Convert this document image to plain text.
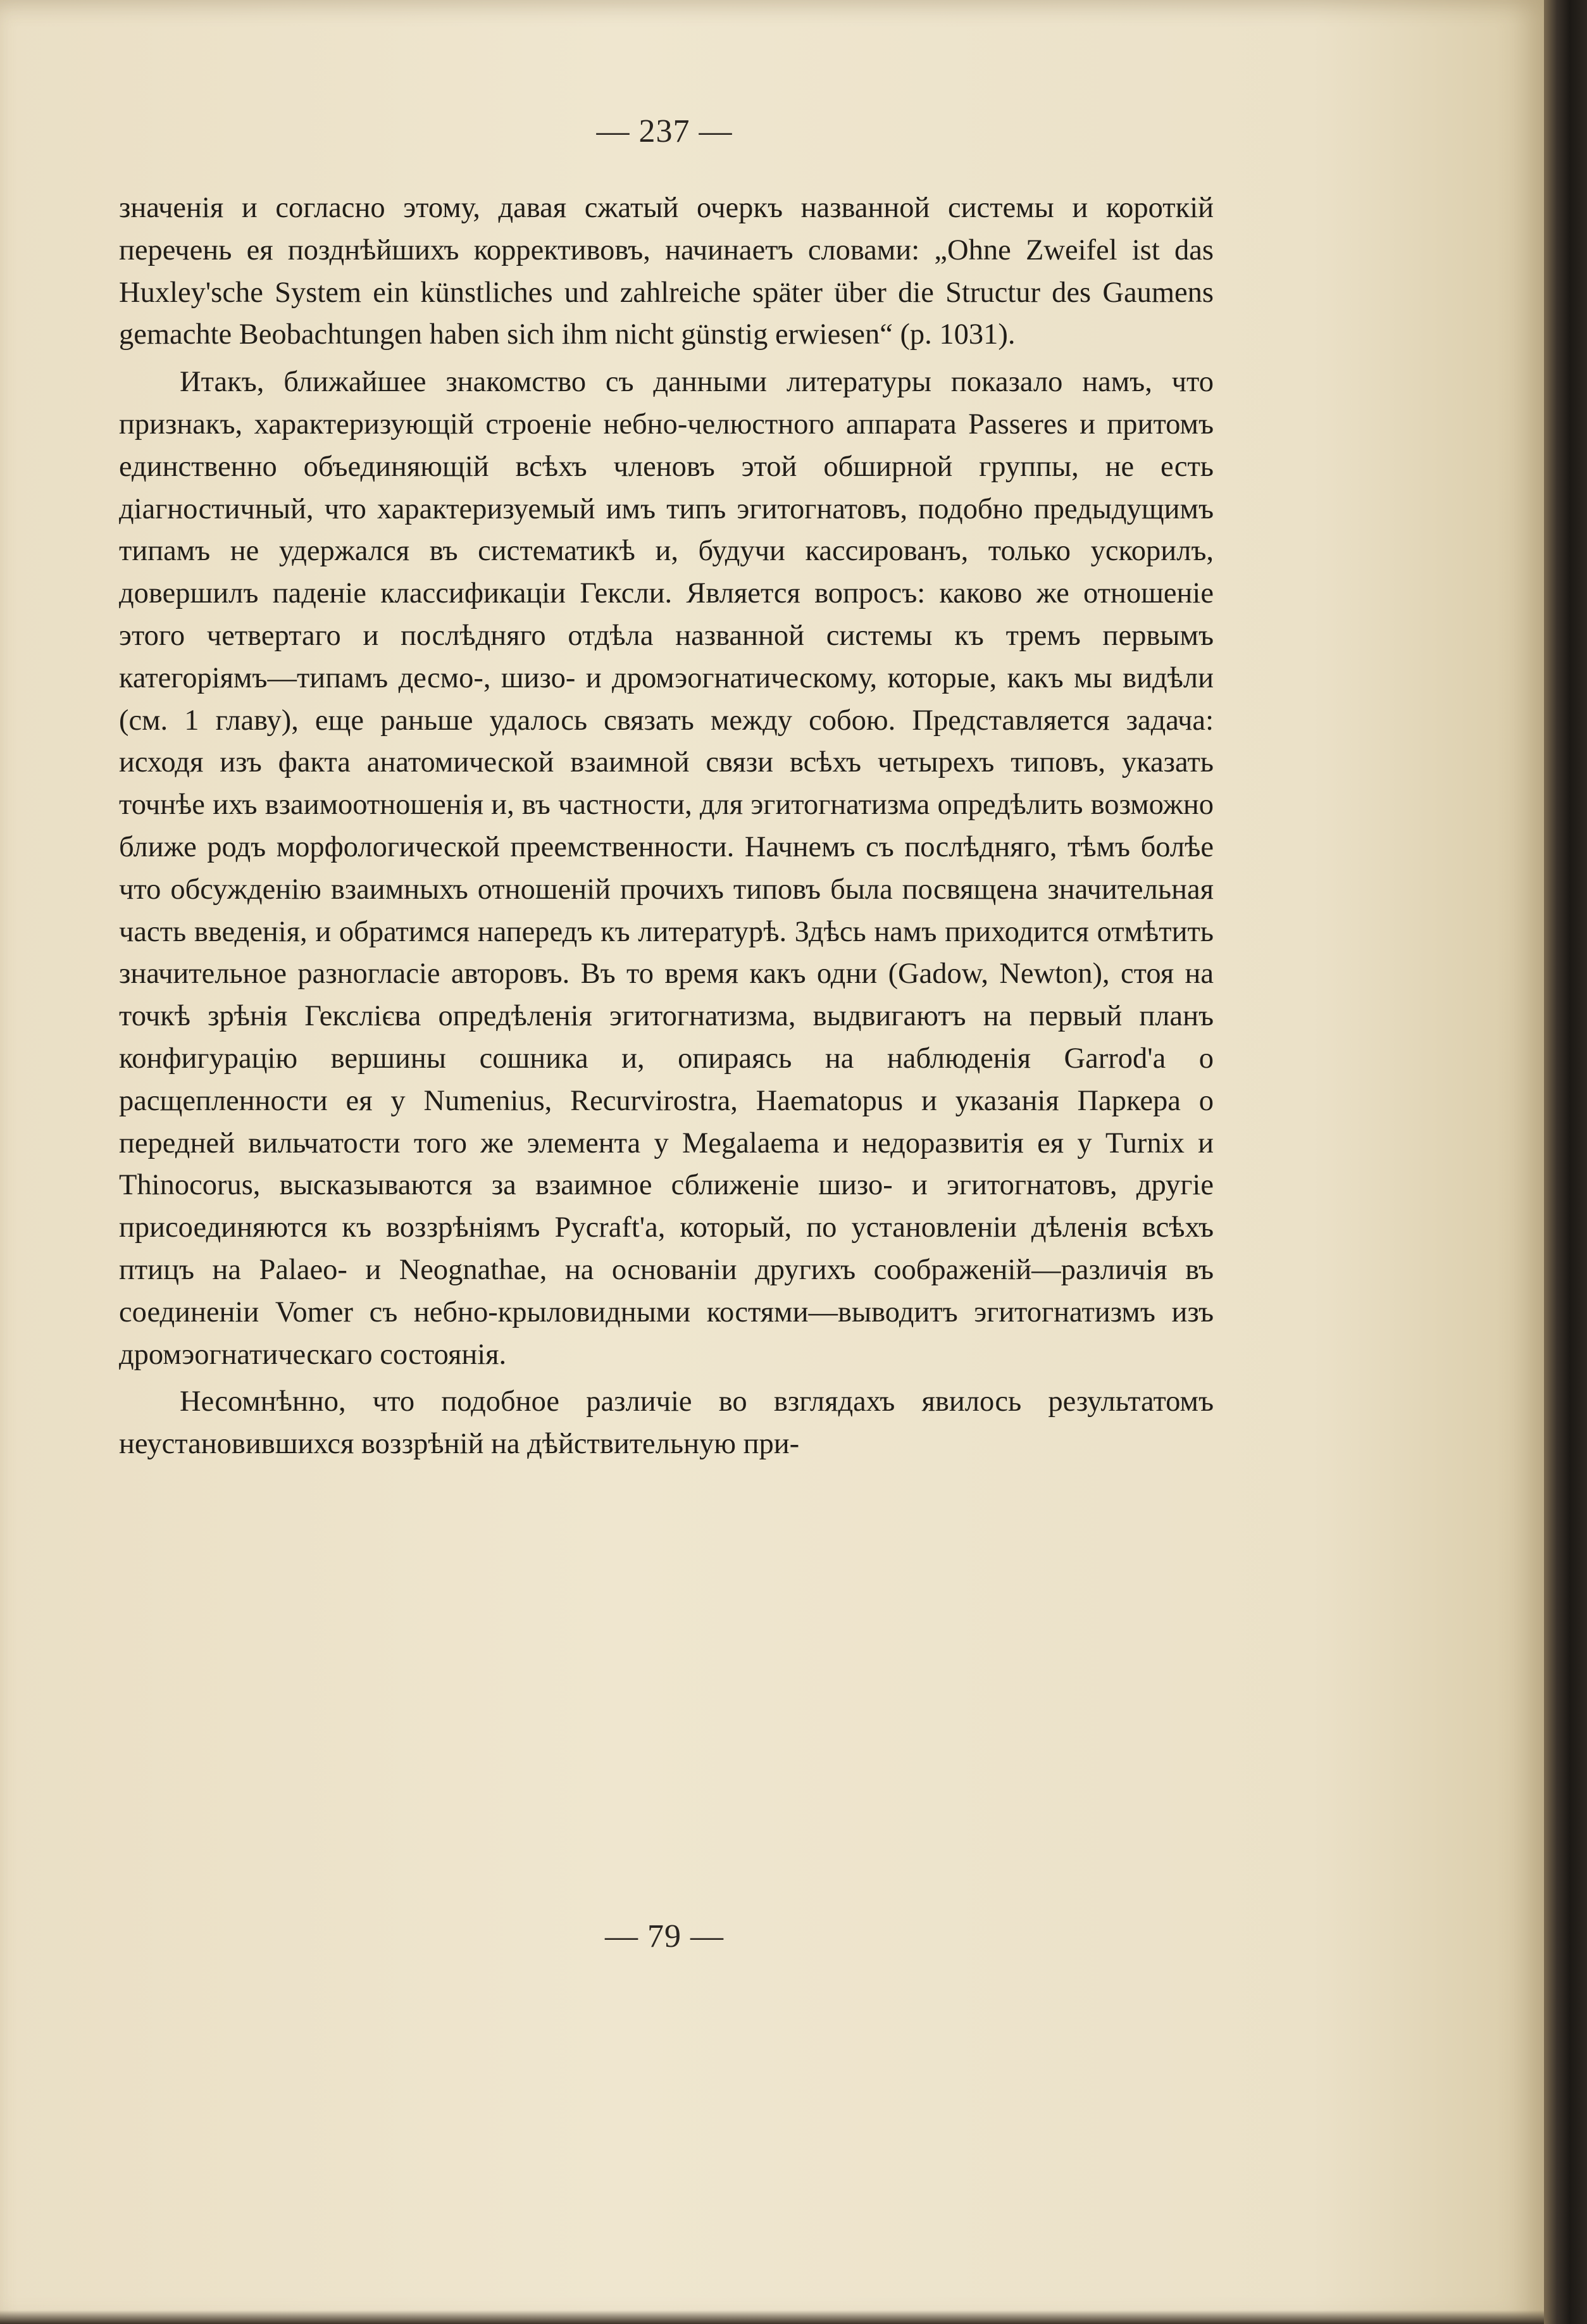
— 237 —

значенія и согласно этому, давая сжатый очеркъ названной системы и короткій перечень ея позднѣйшихъ коррективовъ, начинаетъ словами: „Ohne Zweifel ist das Huxley'sche System ein künstliches und zahlreiche später über die Structur des Gaumens gemachte Beobachtungen haben sich ihm nicht günstig erwiesen“ (p. 1031).

Итакъ, ближайшее знакомство съ данными литературы показало намъ, что признакъ, характеризующій строеніе небно-челюстного аппарата Passeres и притомъ единственно объединяющій всѣхъ членовъ этой обширной группы, не есть діагностичный, что характеризуемый имъ типъ эгитогнатовъ, подобно предыдущимъ типамъ не удержался въ систематикѣ и, будучи кассированъ, только ускорилъ, довершилъ паденіе классификаціи Гексли. Является вопросъ: каково же отношеніе этого четвертаго и послѣдняго отдѣла названной системы къ тремъ первымъ категоріямъ—типамъ десмо-, шизо- и дромэогнатическому, которые, какъ мы видѣли (см. 1 главу), еще раньше удалось связать между собою. Представляется задача: исходя изъ факта анатомической взаимной связи всѣхъ четырехъ типовъ, указать точнѣе ихъ взаимоотношенія и, въ частности, для эгитогнатизма опредѣлить возможно ближе родъ морфологической преемственности. Начнемъ съ послѣдняго, тѣмъ болѣе что обсужденію взаимныхъ отношеній прочихъ типовъ была посвящена значительная часть введенія, и обратимся напередъ къ литературѣ. Здѣсь намъ приходится отмѣтить значительное разногласіе авторовъ. Въ то время какъ одни (Gadow, Newton), стоя на точкѣ зрѣнія Гекслієва опредѣленія эгитогнатизма, выдвигаютъ на первый планъ конфигурацію вершины сошника и, опираясь на наблюденія Garrod'а о расщепленности ея у Numenius, Recurvirostra, Haematopus и указанія Паркера о передней вильчатости того же элемента у Megalaema и недоразвитія ея у Turnix и Thinocorus, высказываются за взаимное сближеніе шизо- и эгитогнатовъ, другіе присоединяются къ воззрѣніямъ Pycraft'а, который, по установленіи дѣленія всѣхъ птицъ на Palaeo- и Neognathae, на основаніи другихъ соображеній—различія въ соединеніи Vomer съ небно-крыловидными костями—выводитъ эгитогнатизмъ изъ дромэогнатическаго состоянія.

Несомнѣнно, что подобное различіе во взглядахъ явилось результатомъ неустановившихся воззрѣній на дѣйствительную при-

— 79 —
